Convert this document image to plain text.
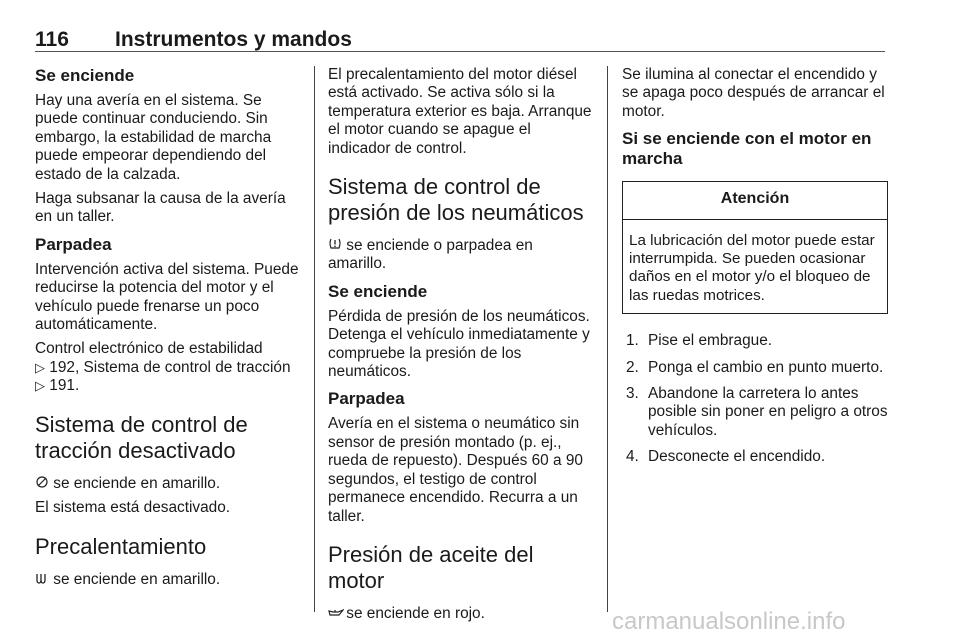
116 Instrumentos y mandos
Se enciende

Hay una avería en el sistema. Se puede continuar conduciendo. Sin embargo, la estabilidad de marcha puede empeorar dependiendo del estado de la calzada.

Haga subsanar la causa de la avería en un taller.

Parpadea

Intervención activa del sistema. Puede reducirse la potencia del motor y el vehículo puede frenarse un poco automáticamente.

Control electrónico de estabilidad
▷ 192, Sistema de control de tracción
▷ 191.

Sistema de control de tracción desactivado

se enciende en amarillo.

El sistema está desactivado.

Precalentamiento

se enciende en amarillo.

El precalentamiento del motor diésel está activado. Se activa sólo si la temperatura exterior es baja. Arranque el motor cuando se apague el indicador de control.

Sistema de control de presión de los neumáticos

se enciende o parpadea en amarillo.

Se enciende

Pérdida de presión de los neumáticos. Detenga el vehículo inmediatamente y compruebe la presión de los neumáticos.

Parpadea

Avería en el sistema o neumático sin sensor de presión montado (p. ej., rueda de repuesto). Después 60 a 90 segundos, el testigo de control permanece encendido. Recurra a un taller.

Presión de aceite del motor

se enciende en rojo.

Se ilumina al conectar el encendido y se apaga poco después de arrancar el motor.

Si se enciende con el motor en marcha
Atención
La lubricación del motor puede estar interrumpida. Se pueden ocasionar daños en el motor y/o el bloqueo de las ruedas motrices.
1. Pise el embrague.
2. Ponga el cambio en punto muerto.
3. Abandone la carretera lo antes posible sin poner en peligro a otros vehículos.
4. Desconecte el encendido.
carmanualsonline.info
